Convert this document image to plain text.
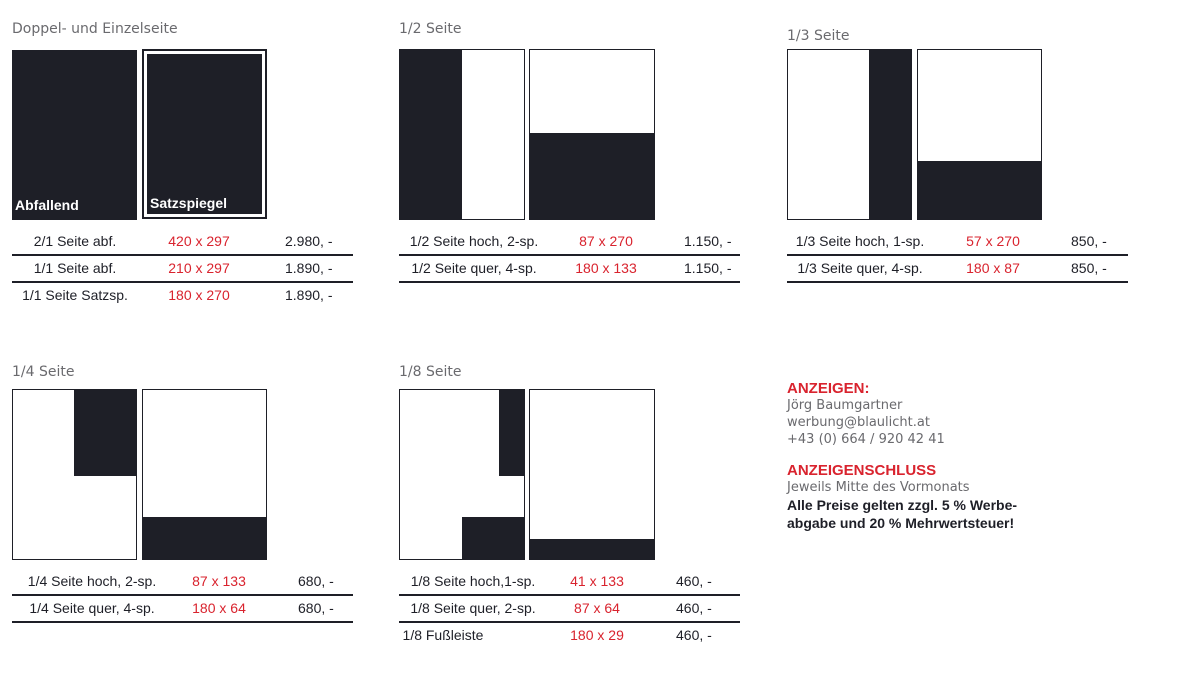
Doppel- und Einzelseite
Abfallend	Satzspiegel
2/1 Seite abf.	420 x 297	2.980, -
1/1 Seite abf.	210 x 297	1.890, -
1/1 Seite Satzsp.	180 x 270	1.890, -
1/2 Seite
1/2 Seite hoch, 2-sp.	87 x 270	1.150, -
1/2 Seite quer, 4-sp.	180 x 133	1.150, -
1/3 Seite
1/3 Seite hoch, 1-sp.	57 x 270	850, -
1/3 Seite quer, 4-sp.	180 x 87	850, -
1/4 Seite
1/4 Seite hoch, 2-sp.	87 x 133	680, -
1/4 Seite quer, 4-sp.	180 x 64	680, -
1/8 Seite
1/8 Seite hoch,1-sp. 41 x 133	460, -
1/8 Seite quer, 2-sp.	87 x 64	460, -
1/8 Fußleiste	180 x 29	460, -
ANZEIGEN:
Jörg Baumgartner
werbung@blaulicht.at
+43 (0) 664 / 920 42 41
ANZEIGENSCHLUSS
Jeweils Mitte des Vormonats
Alle Preise gelten zzgl. 5 % Werbe-
abgabe und 20 % Mehrwertsteuer!
